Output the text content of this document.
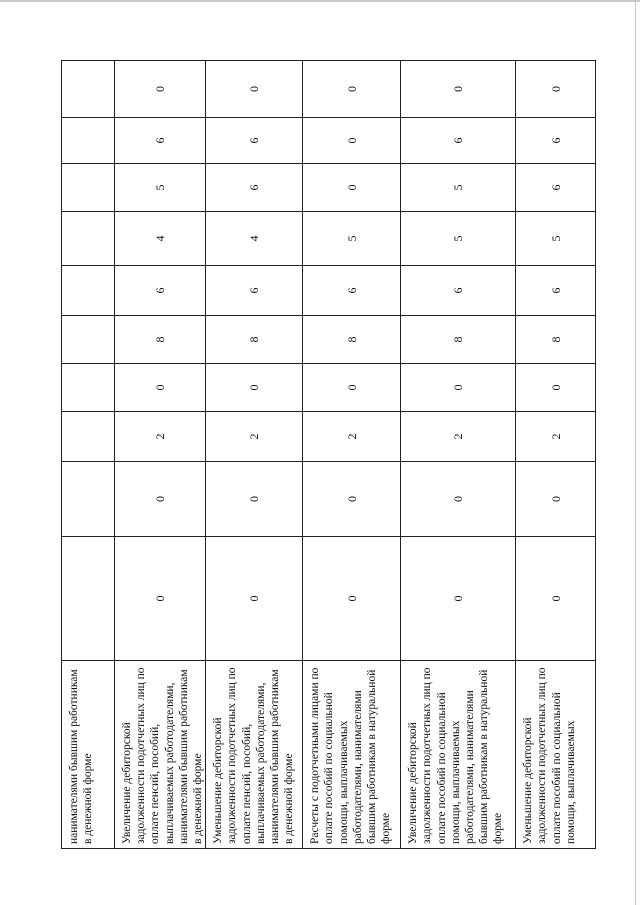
нанимателями бывшим работникам в денежной форме										
Увеличение дебиторской задолженности подотчетных лиц по оплате пенсий, пособий, выплачиваемых работодателями, нанимателями бывшим работникам в денежной форме	0	0	2	0	8	6	4	5	6	0
Уменьшение дебиторской задолженности подотчетных лиц по оплате пенсий, пособий, выплачиваемых работодателями, нанимателями бывшим работникам в денежной форме	0	0	2	0	8	6	4	6	6	0
Расчеты с подотчетными лицами по оплате пособий по социальной помощи, выплачиваемых работодателями, нанимателями бывшим работникам в натуральной форме	0	0	2	0	8	6	5	0	0	0
Увеличение дебиторской задолженности подотчетных лиц по оплате пособий по социальной помощи, выплачиваемых работодателями, нанимателями бывшим работникам в натуральной форме	0	0	2	0	8	6	5	5	6	0
Уменьшение дебиторской задолженности подотчетных лиц по оплате пособий по социальной помощи, выплачиваемых	0	0	2	0	8	6	5	6	6	0
